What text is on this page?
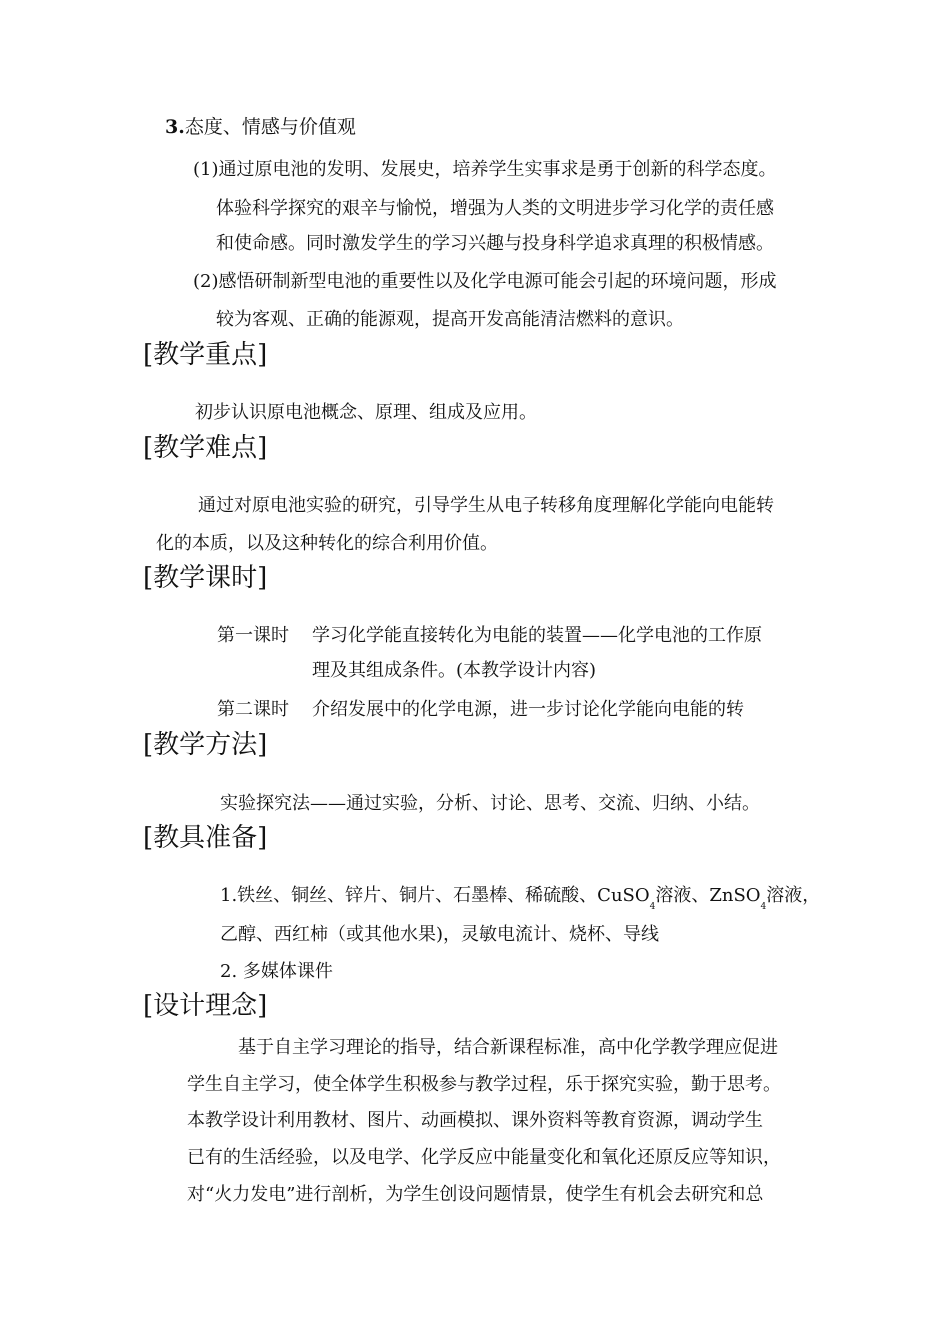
3.态度、情感与价值观
(1)通过原电池的发明、发展史，培养学生实事求是勇于创新的科学态度。
体验科学探究的艰辛与愉悦，增强为人类的文明进步学习化学的责任感
和使命感。同时激发学生的学习兴趣与投身科学追求真理的积极情感。
(2)感悟研制新型电池的重要性以及化学电源可能会引起的环境问题，形成
较为客观、正确的能源观，提高开发高能清洁燃料的意识。
[教学重点]
初步认识原电池概念、原理、组成及应用。
[教学难点]
通过对原电池实验的研究，引导学生从电子转移角度理解化学能向电能转
化的本质，以及这种转化的综合利用价值。
[教学课时]
第一课时 学习化学能直接转化为电能的装置——化学电池的工作原
理及其组成条件。(本教学设计内容)
第二课时 介绍发展中的化学电源，进一步讨论化学能向电能的转
[教学方法]
实验探究法——通过实验，分析、讨论、思考、交流、归纳、小结。
[教具准备]
1.铁丝、铜丝、锌片、铜片、石墨棒、稀硫酸、CuSO$_4$溶液、ZnSO$_4$溶液，
乙醇、西红柿（或其他水果)，灵敏电流计、烧杯、导线
2. 多媒体课件
[设计理念]
基于自主学习理论的指导，结合新课程标准，高中化学教学理应促进
学生自主学习，使全体学生积极参与教学过程，乐于探究实验，勤于思考。
本教学设计利用教材、图片、动画模拟、课外资料等教育资源，调动学生
已有的生活经验，以及电学、化学反应中能量变化和氧化还原反应等知识，
对“火力发电”进行剖析，为学生创设问题情景，使学生有机会去研究和总
